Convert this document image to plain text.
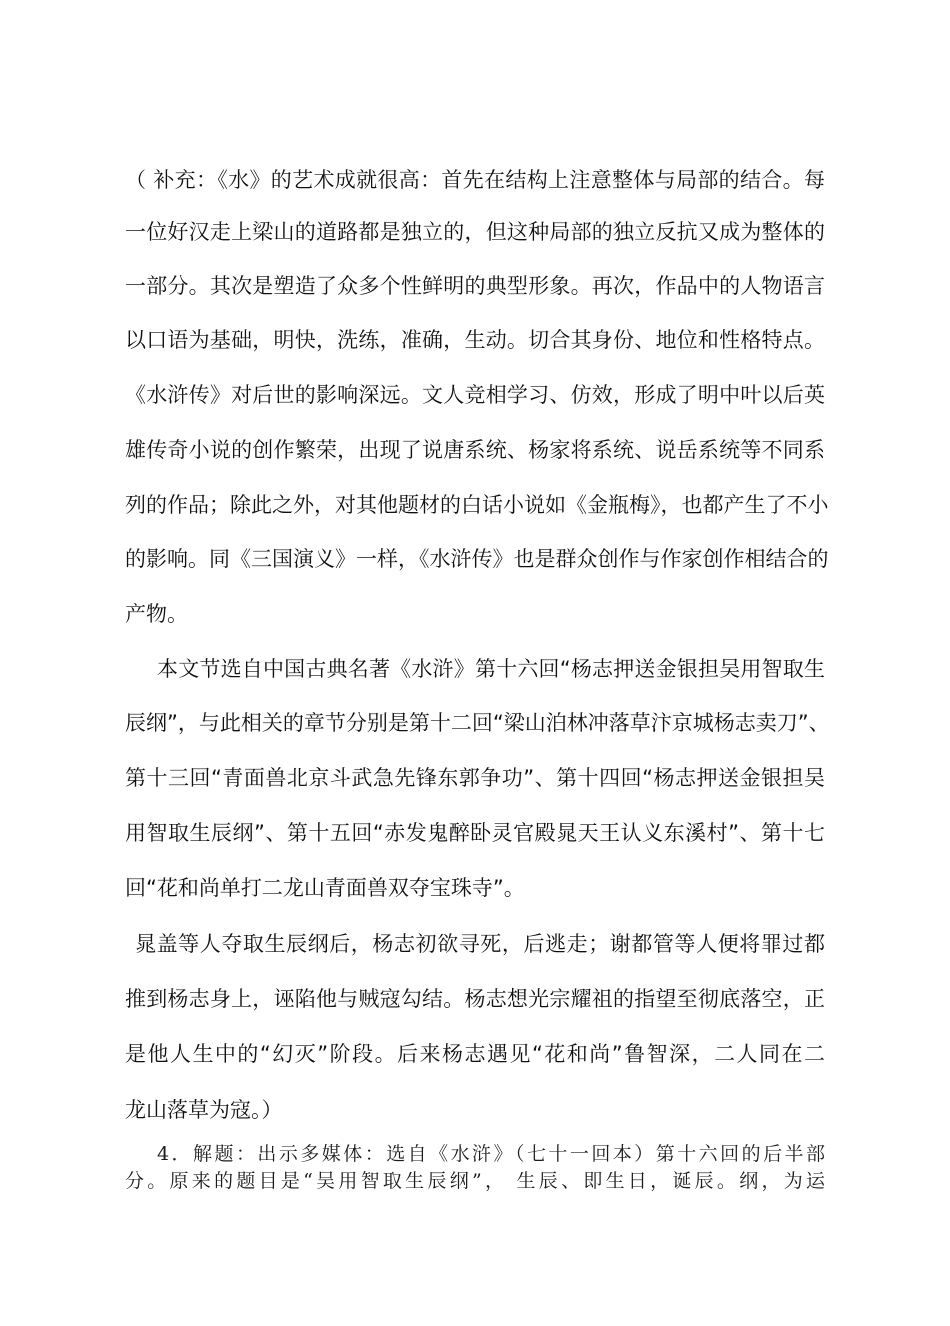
（ 补充：《水》的艺术成就很高：首先在结构上注意整体与局部的结合。每
一位好汉走上梁山的道路都是独立的，但这种局部的独立反抗又成为整体的
一部分。其次是塑造了众多个性鲜明的典型形象。再次，作品中的人物语言
以口语为基础，明快，洗练，准确，生动。切合其身份、地位和性格特点。
《水浒传》对后世的影响深远。文人竞相学习、仿效，形成了明中叶以后英
雄传奇小说的创作繁荣，出现了说唐系统、杨家将系统、说岳系统等不同系
列的作品；除此之外，对其他题材的白话小说如《金瓶梅》，也都产生了不小
的影响。同《三国演义》一样，《水浒传》也是群众创作与作家创作相结合的
产物。
本文节选自中国古典名著《水浒》第十六回“杨志押送金银担吴用智取生
辰纲”，与此相关的章节分别是第十二回“梁山泊林冲落草汴京城杨志卖刀”、
第十三回“青面兽北京斗武急先锋东郭争功”、第十四回“杨志押送金银担吴
用智取生辰纲”、第十五回“赤发鬼醉卧灵官殿晁天王认义东溪村”、第十七
回“花和尚单打二龙山青面兽双夺宝珠寺”。
晁盖等人夺取生辰纲后，杨志初欲寻死，后逃走；谢都管等人便将罪过都
推到杨志身上，诬陷他与贼寇勾结。杨志想光宗耀祖的指望至彻底落空，正
是他人生中的“幻灭”阶段。后来杨志遇见“花和尚”鲁智深，二人同在二
龙山落草为寇。）
4．解题：出示多媒体：选自《水浒》（七十一回本）第十六回的后半部
分。原来的题目是“吴用智取生辰纲”， 生辰、即生日，诞辰。纲，为运
